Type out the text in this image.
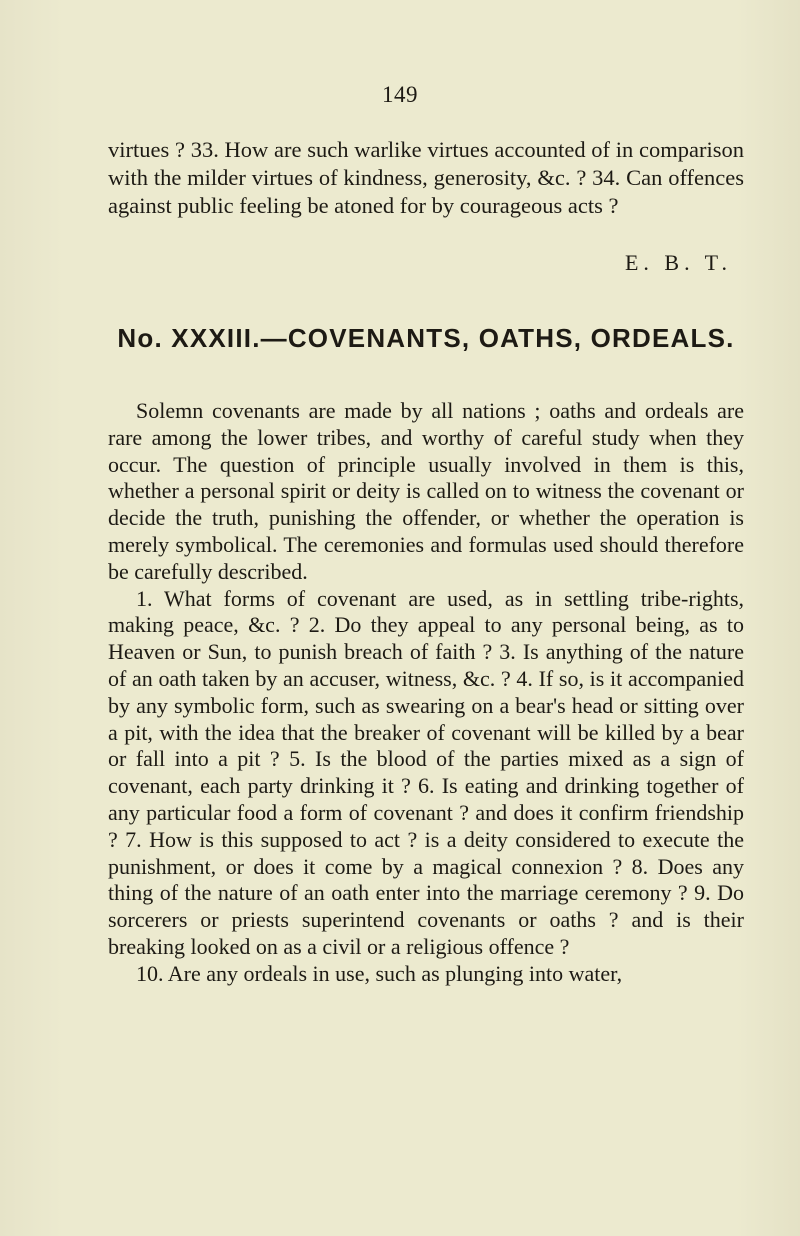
149

virtues ? 33. How are such warlike virtues accounted of in comparison with the milder virtues of kindness, generosity, &c. ? 34. Can offences against public feeling be atoned for by courageous acts ?

E. B. T.
No. XXXIII.—COVENANTS, OATHS, ORDEALS.

Solemn covenants are made by all nations ; oaths and ordeals are rare among the lower tribes, and worthy of careful study when they occur. The question of principle usually involved in them is this, whether a personal spirit or deity is called on to witness the covenant or decide the truth, punishing the offender, or whether the operation is merely symbolical. The ceremonies and formulas used should therefore be carefully described.

1. What forms of covenant are used, as in settling tribe-rights, making peace, &c. ? 2. Do they appeal to any personal being, as to Heaven or Sun, to punish breach of faith ? 3. Is anything of the nature of an oath taken by an accuser, witness, &c. ? 4. If so, is it accompanied by any symbolic form, such as swearing on a bear's head or sitting over a pit, with the idea that the breaker of covenant will be killed by a bear or fall into a pit ? 5. Is the blood of the parties mixed as a sign of covenant, each party drinking it ? 6. Is eating and drinking together of any particular food a form of covenant ? and does it confirm friendship ? 7. How is this supposed to act ? is a deity considered to execute the punishment, or does it come by a magical connexion ? 8. Does any thing of the nature of an oath enter into the marriage ceremony ? 9. Do sorcerers or priests superintend covenants or oaths ? and is their breaking looked on as a civil or a religious offence ?

10. Are any ordeals in use, such as plunging into water,
